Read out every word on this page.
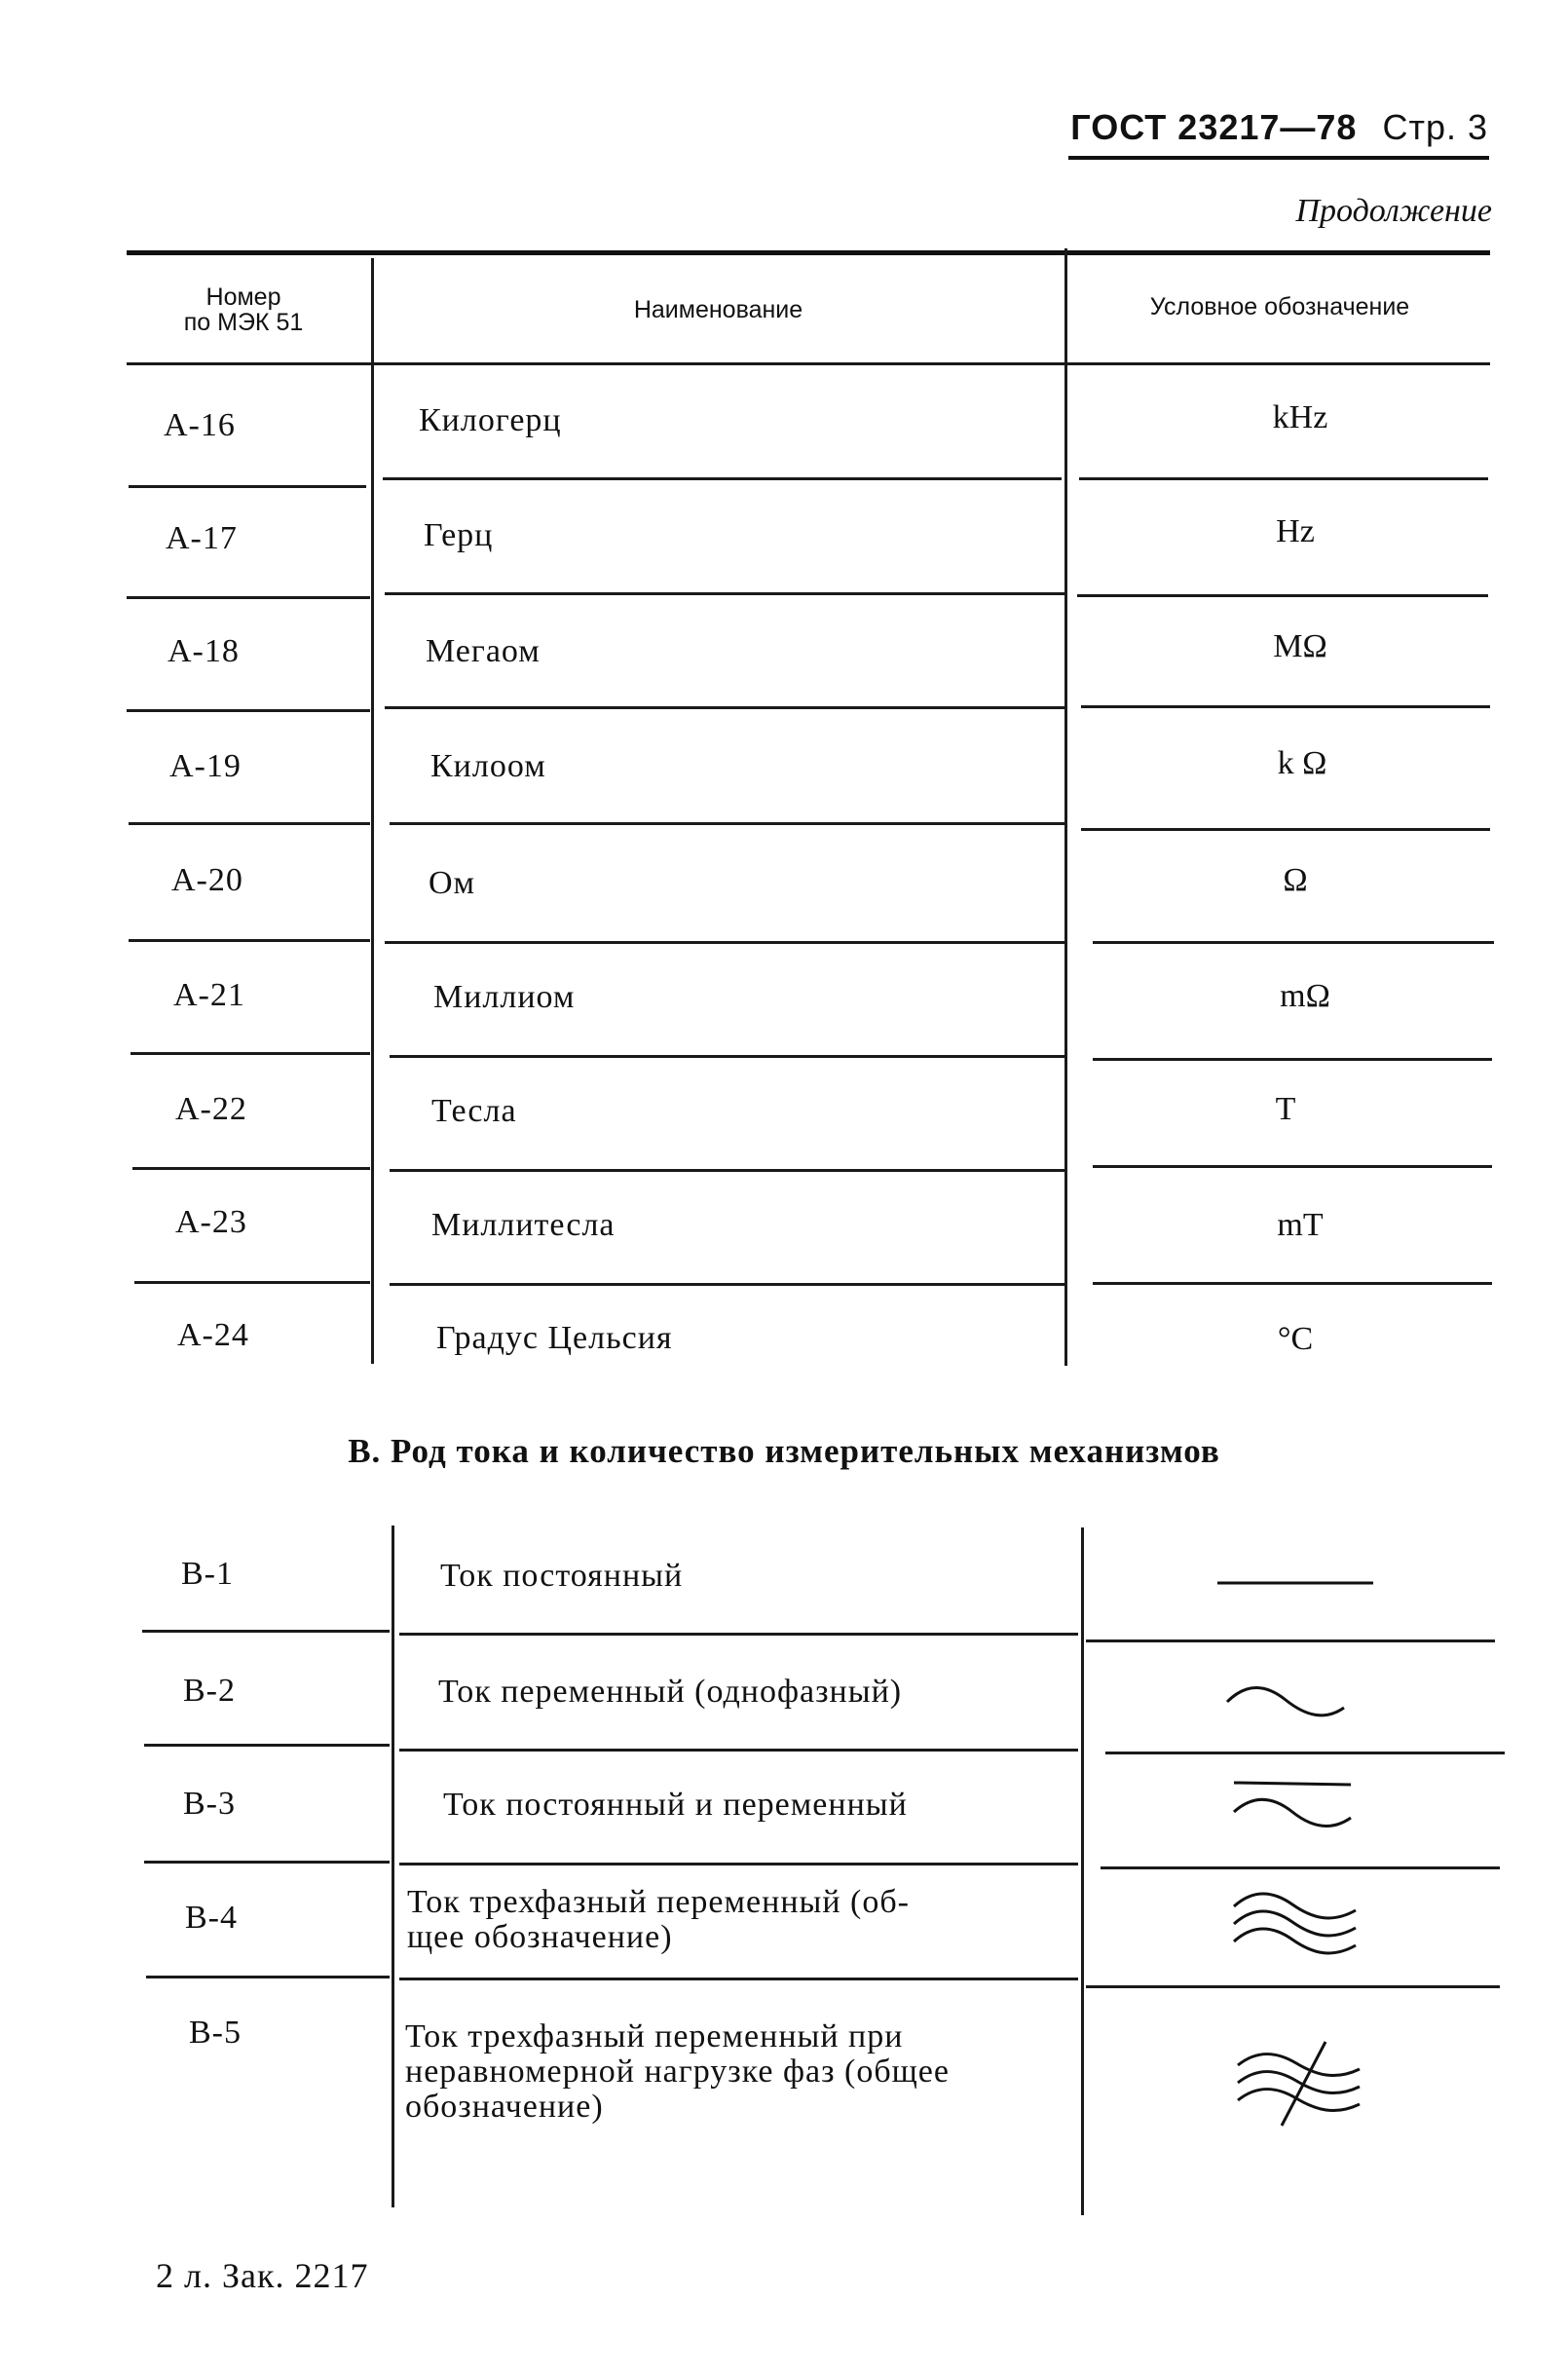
ГОСТ 23217—78 Стр. 3
Продолжение
Номер
по МЭК 51	Наименование	Условное обозначение
А-16	Килогерц	kHz
А-17	Герц	Hz
А-18	Мегаом	MΩ
А-19	Килоом	k Ω
А-20	Ом	Ω
А-21	Миллиом	mΩ
А-22	Тесла	T
А-23	Миллитесла	mT
А-24	Градус Цельсия	°C
В. Род тока и количество измерительных механизмов
В-1	Ток постоянный
В-2	Ток переменный (однофазный)
В-3	Ток постоянный и переменный
В-4	Ток трехфазный переменный (об-
щее обозначение)
В-5	Ток трехфазный переменный при
неравномерной нагрузке фаз (общее
обозначение)
2 л. Зак. 2217
